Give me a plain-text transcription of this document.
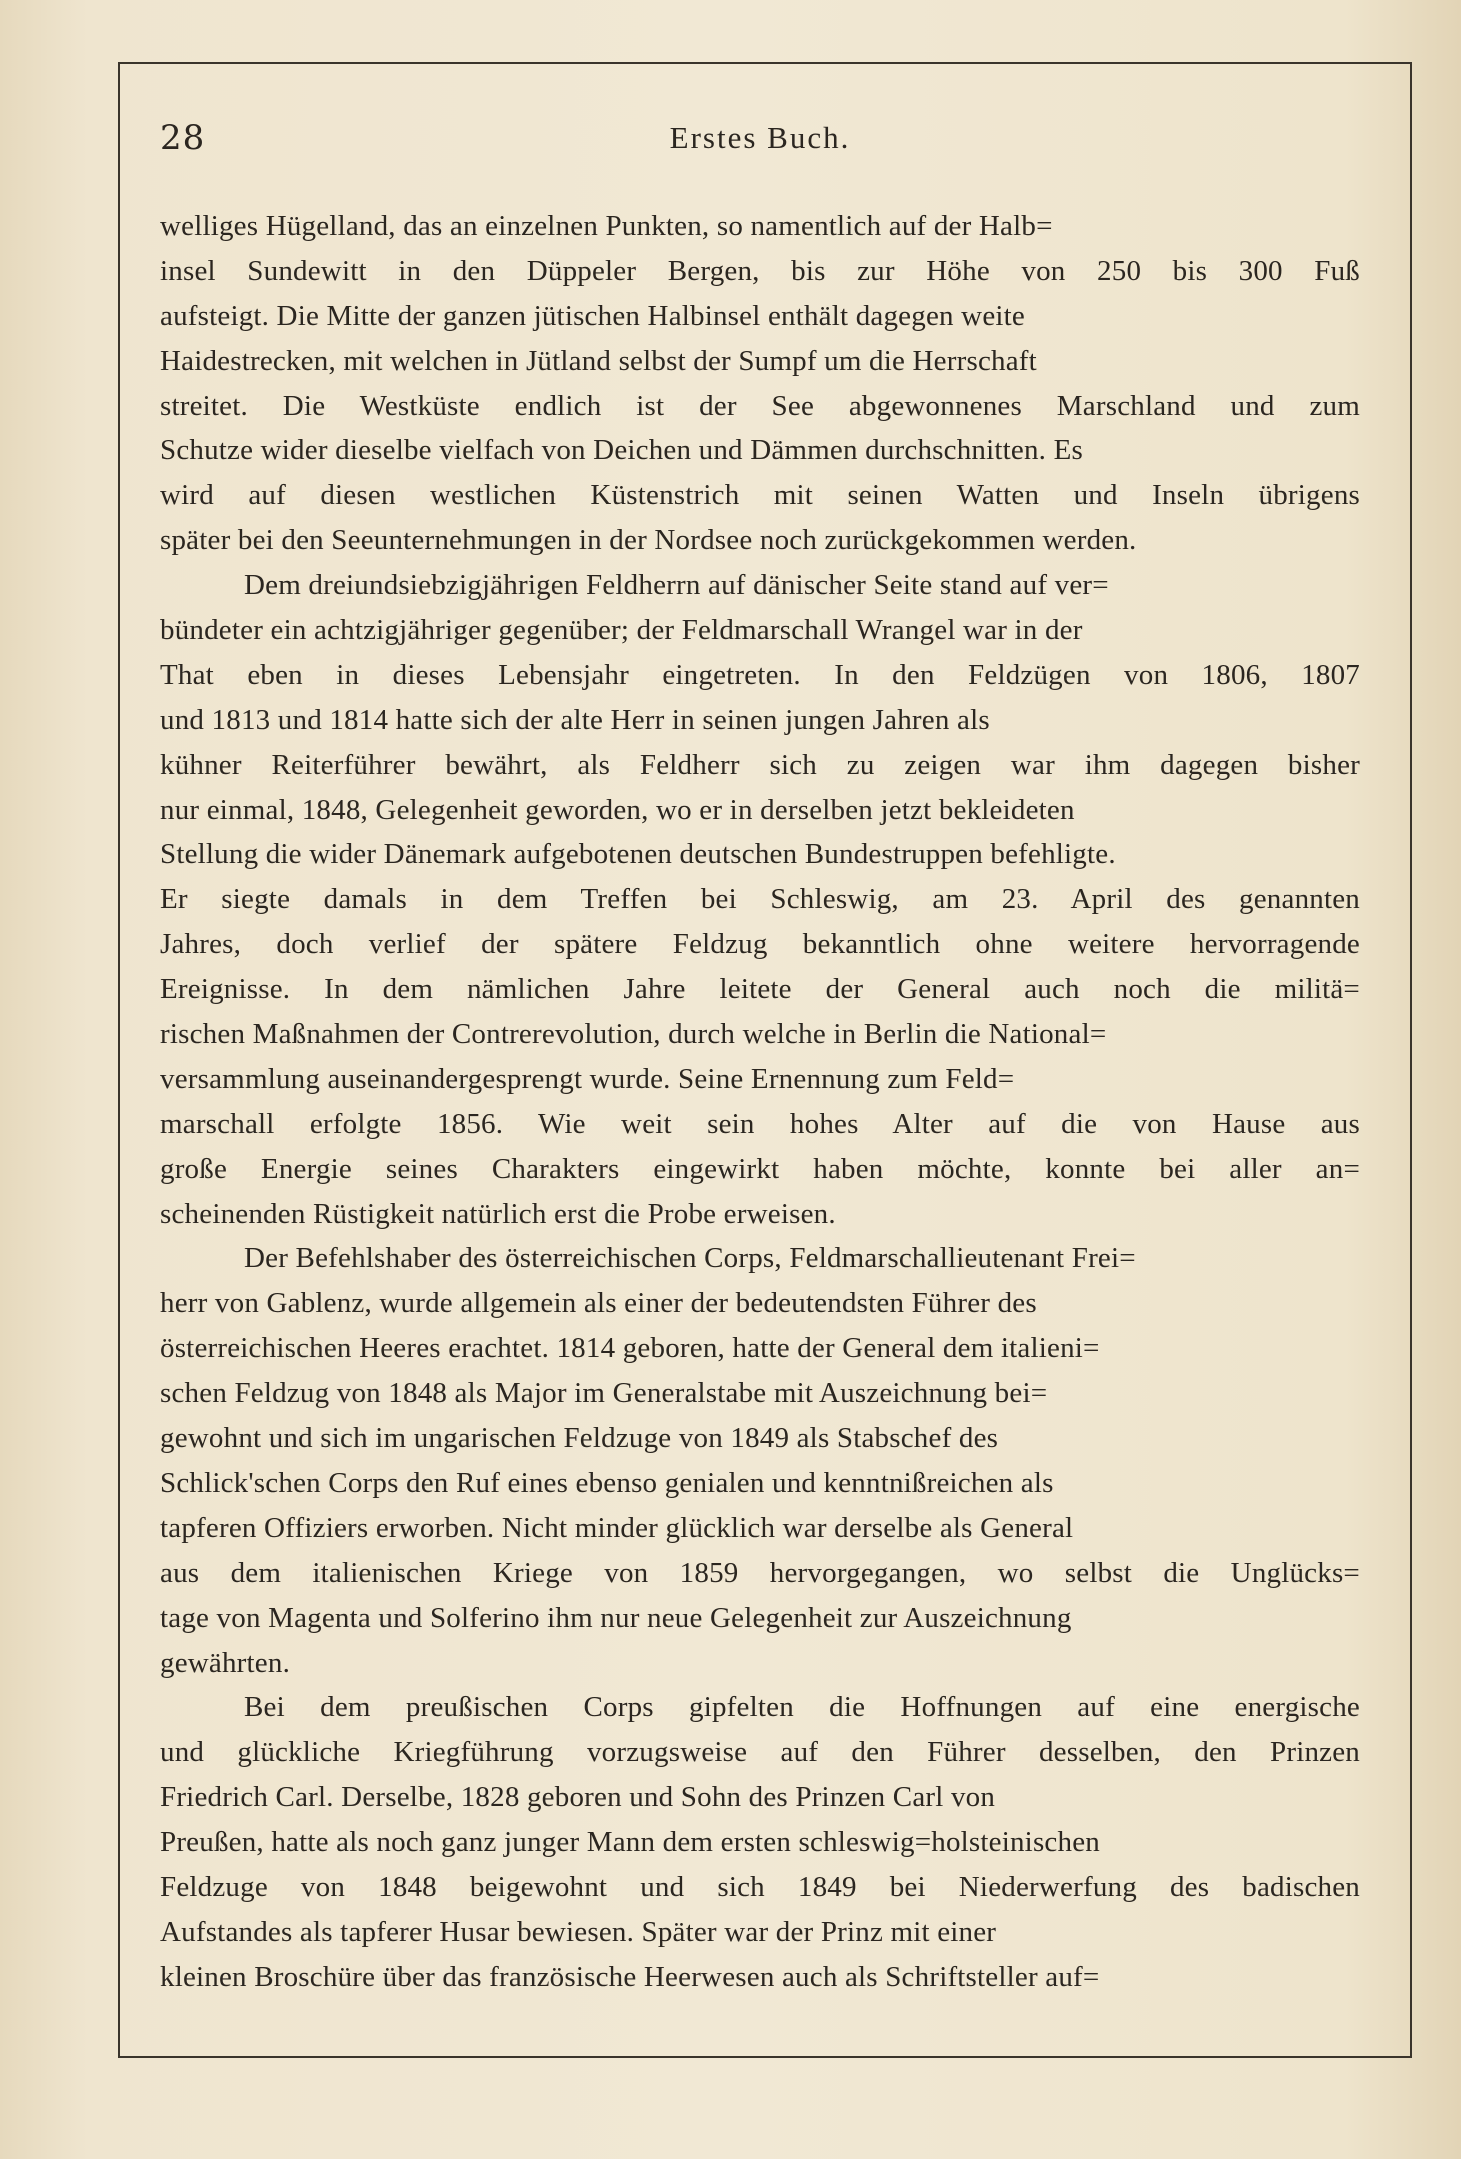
28	Erstes Buch.
welliges Hügelland, das an einzelnen Punkten, so namentlich auf der Halb=
insel Sundewitt in den Düppeler Bergen, bis zur Höhe von 250 bis 300 Fuß
aufsteigt. Die Mitte der ganzen jütischen Halbinsel enthält dagegen weite
Haidestrecken, mit welchen in Jütland selbst der Sumpf um die Herrschaft
streitet. Die Westküste endlich ist der See abgewonnenes Marschland und zum
Schutze wider dieselbe vielfach von Deichen und Dämmen durchschnitten. Es
wird auf diesen westlichen Küstenstrich mit seinen Watten und Inseln übrigens
später bei den Seeunternehmungen in der Nordsee noch zurückgekommen werden.
Dem dreiundsiebzigjährigen Feldherrn auf dänischer Seite stand auf ver=
bündeter ein achtzigjähriger gegenüber; der Feldmarschall Wrangel war in der
That eben in dieses Lebensjahr eingetreten. In den Feldzügen von 1806, 1807
und 1813 und 1814 hatte sich der alte Herr in seinen jungen Jahren als
kühner Reiterführer bewährt, als Feldherr sich zu zeigen war ihm dagegen bisher
nur einmal, 1848, Gelegenheit geworden, wo er in derselben jetzt bekleideten
Stellung die wider Dänemark aufgebotenen deutschen Bundestruppen befehligte.
Er siegte damals in dem Treffen bei Schleswig, am 23. April des genannten
Jahres, doch verlief der spätere Feldzug bekanntlich ohne weitere hervorragende
Ereignisse. In dem nämlichen Jahre leitete der General auch noch die militä=
rischen Maßnahmen der Contrerevolution, durch welche in Berlin die National=
versammlung auseinandergesprengt wurde. Seine Ernennung zum Feld=
marschall erfolgte 1856. Wie weit sein hohes Alter auf die von Hause aus
große Energie seines Charakters eingewirkt haben möchte, konnte bei aller an=
scheinenden Rüstigkeit natürlich erst die Probe erweisen.
Der Befehlshaber des österreichischen Corps, Feldmarschallieutenant Frei=
herr von Gablenz, wurde allgemein als einer der bedeutendsten Führer des
österreichischen Heeres erachtet. 1814 geboren, hatte der General dem italieni=
schen Feldzug von 1848 als Major im Generalstabe mit Auszeichnung bei=
gewohnt und sich im ungarischen Feldzuge von 1849 als Stabschef des
Schlick'schen Corps den Ruf eines ebenso genialen und kenntnißreichen als
tapferen Offiziers erworben. Nicht minder glücklich war derselbe als General
aus dem italienischen Kriege von 1859 hervorgegangen, wo selbst die Unglücks=
tage von Magenta und Solferino ihm nur neue Gelegenheit zur Auszeichnung
gewährten.
Bei dem preußischen Corps gipfelten die Hoffnungen auf eine energische
und glückliche Kriegführung vorzugsweise auf den Führer desselben, den Prinzen
Friedrich Carl. Derselbe, 1828 geboren und Sohn des Prinzen Carl von
Preußen, hatte als noch ganz junger Mann dem ersten schleswig=holsteinischen
Feldzuge von 1848 beigewohnt und sich 1849 bei Niederwerfung des badischen
Aufstandes als tapferer Husar bewiesen. Später war der Prinz mit einer
kleinen Broschüre über das französische Heerwesen auch als Schriftsteller auf=
